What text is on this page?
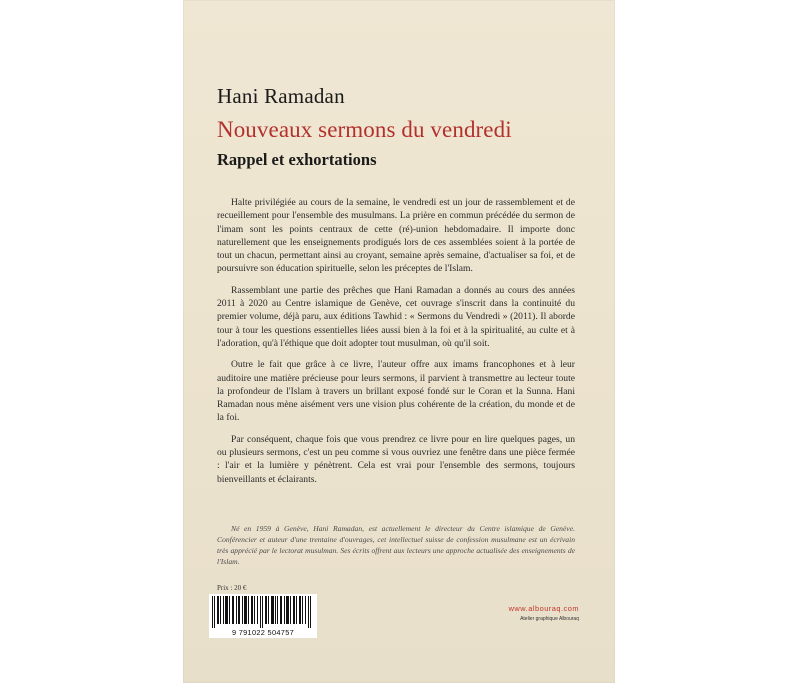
Hani Ramadan
Nouveaux sermons du vendredi
Rappel et exhortations

Halte privilégiée au cours de la semaine, le vendredi est un jour de rassemblement et de recueillement pour l'ensemble des musulmans. La prière en commun précédée du sermon de l'imam sont les points centraux de cette (ré)-union hebdomadaire. Il importe donc naturellement que les enseignements prodigués lors de ces assemblées soient à la portée de tout un chacun, permettant ainsi au croyant, semaine après semaine, d'actualiser sa foi, et de poursuivre son éducation spirituelle, selon les préceptes de l'Islam.

Rassemblant une partie des prêches que Hani Ramadan a donnés au cours des années 2011 à 2020 au Centre islamique de Genève, cet ouvrage s'inscrit dans la continuité du premier volume, déjà paru, aux éditions Tawhid : « Sermons du Vendredi » (2011). Il aborde tour à tour les questions essentielles liées aussi bien à la foi et à la spiritualité, au culte et à l'adoration, qu'à l'éthique que doit adopter tout musulman, où qu'il soit.

Outre le fait que grâce à ce livre, l'auteur offre aux imams francophones et à leur auditoire une matière précieuse pour leurs sermons, il parvient à transmettre au lecteur toute la profondeur de l'Islam à travers un brillant exposé fondé sur le Coran et la Sunna. Hani Ramadan nous mène aisément vers une vision plus cohérente de la création, du monde et de la foi.

Par conséquent, chaque fois que vous prendrez ce livre pour en lire quelques pages, un ou plusieurs sermons, c'est un peu comme si vous ouvriez une fenêtre dans une pièce fermée : l'air et la lumière y pénètrent. Cela est vrai pour l'ensemble des sermons, toujours bienveillants et éclairants.

Né en 1959 à Genève, Hani Ramadan, est actuellement le directeur du Centre islamique de Genève. Conférencier et auteur d'une trentaine d'ouvrages, cet intellectuel suisse de confession musulmane est un écrivain très apprécié par le lectorat musulman. Ses écrits offrent aux lecteurs une approche actualisée des enseignements de l'Islam.

Prix : 20 €
9 791022 504757
www.albouraq.com
Atelier graphique Albouraq
